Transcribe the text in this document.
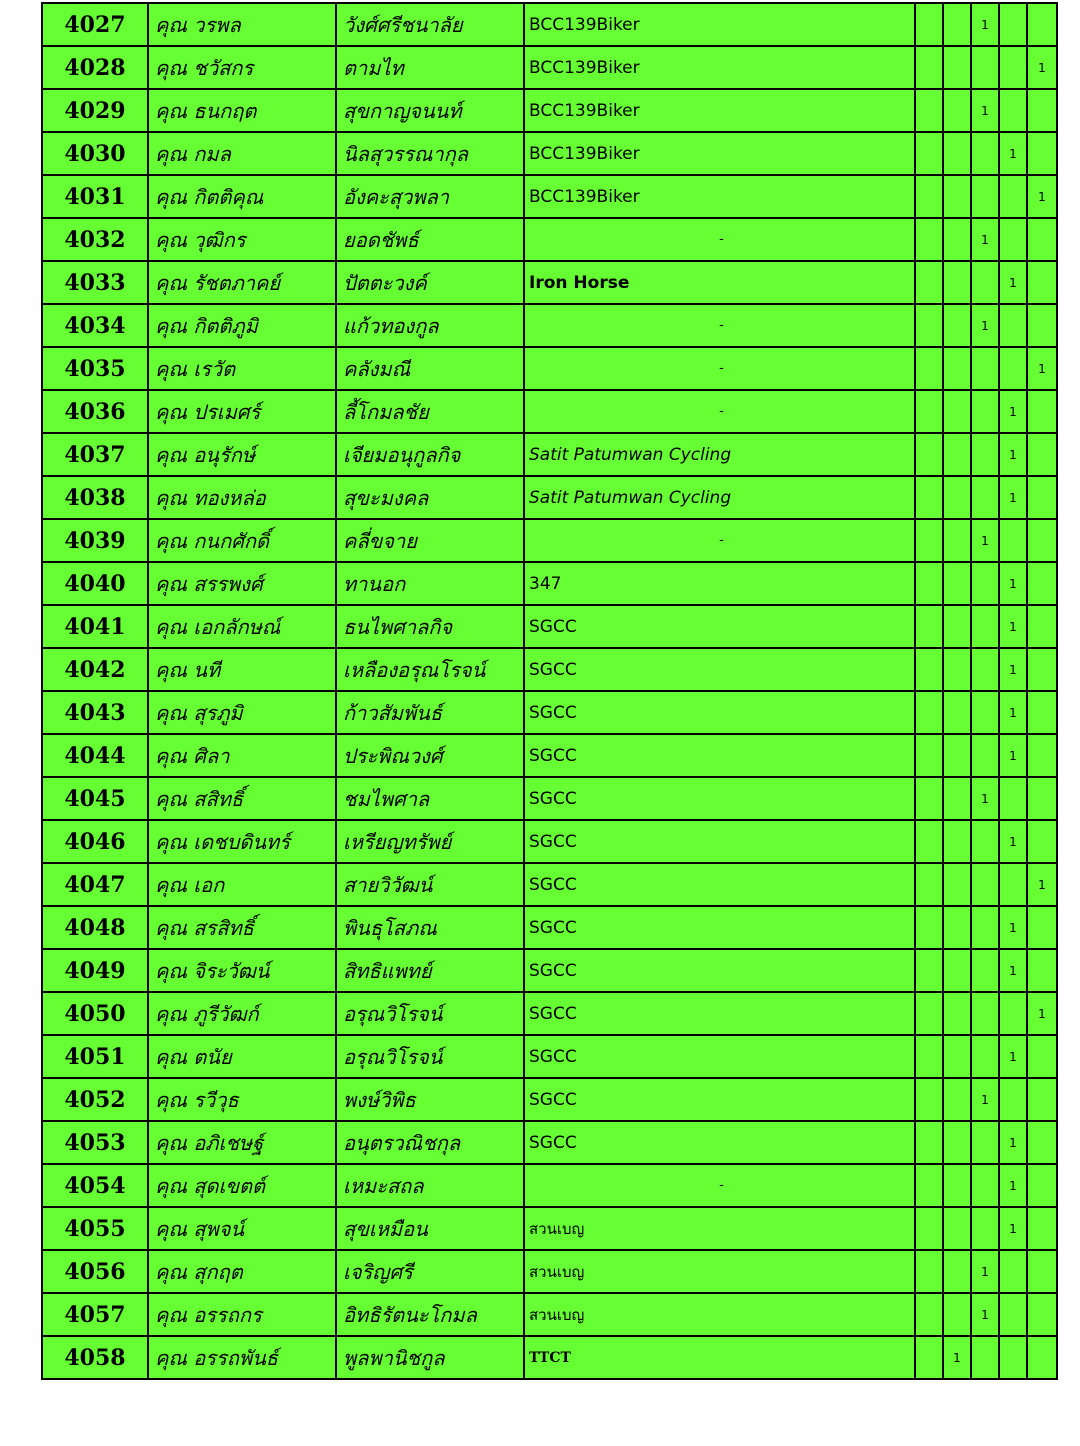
4027	คุณ วรพล	วังศ์ศรีชนาลัย	BCC139Biker			1		
4028	คุณ ชวัสกร	ตามไท	BCC139Biker					1
4029	คุณ ธนกฤต	สุขกาญจนนท์	BCC139Biker			1		
4030	คุณ กมล	นิลสุวรรณากุล	BCC139Biker				1	
4031	คุณ กิตติคุณ	อังคะสุวพลา	BCC139Biker					1
4032	คุณ วุฒิกร	ยอดชัพธ์	-			1		
4033	คุณ รัชตภาคย์	ปัตตะวงค์	Iron Horse				1	
4034	คุณ กิตติภูมิ	แก้วทองกูล	-			1		
4035	คุณ เรวัต	คลังมณี	-					1
4036	คุณ ปรเมศร์	ลี้โกมลชัย	-				1	
4037	คุณ อนุรักษ์	เจียมอนุกูลกิจ	Satit Patumwan Cycling				1	
4038	คุณ ทองหล่อ	สุขะมงคล	Satit Patumwan Cycling				1	
4039	คุณ กนกศักดิ์	คลี่ขจาย	-			1		
4040	คุณ สรรพงศ์	ทานอก	347				1	
4041	คุณ เอกลักษณ์	ธนไพศาลกิจ	SGCC				1	
4042	คุณ นที	เหลืองอรุณโรจน์	SGCC				1	
4043	คุณ สุรภูมิ	ก้าวสัมพันธ์	SGCC				1	
4044	คุณ ศิลา	ประพิณวงศ์	SGCC				1	
4045	คุณ สสิทธิ์	ชมไพศาล	SGCC			1		
4046	คุณ เดชบดินทร์	เหรียญทรัพย์	SGCC				1	
4047	คุณ เอก	สายวิวัฒน์	SGCC					1
4048	คุณ สรสิทธิ์	พินธุโสภณ	SGCC				1	
4049	คุณ จิระวัฒน์	สิทธิแพทย์	SGCC				1	
4050	คุณ ภูรีวัฒก์	อรุณวิโรจน์	SGCC					1
4051	คุณ ตนัย	อรุณวิโรจน์	SGCC				1	
4052	คุณ รวีวุธ	พงษ์วิพิธ	SGCC			1		
4053	คุณ อภิเชษฐ์	อนุตรวณิชกุล	SGCC				1	
4054	คุณ สุดเขตต์	เหมะสถล	-				1	
4055	คุณ สุพจน์	สุขเหมือน	สวนเบญ				1	
4056	คุณ สุกฤต	เจริญศรี	สวนเบญ			1		
4057	คุณ อรรถกร	อิทธิรัตนะโกมล	สวนเบญ			1		
4058	คุณ อรรถพันธ์	พูลพานิชกูล	TTCT		1			
